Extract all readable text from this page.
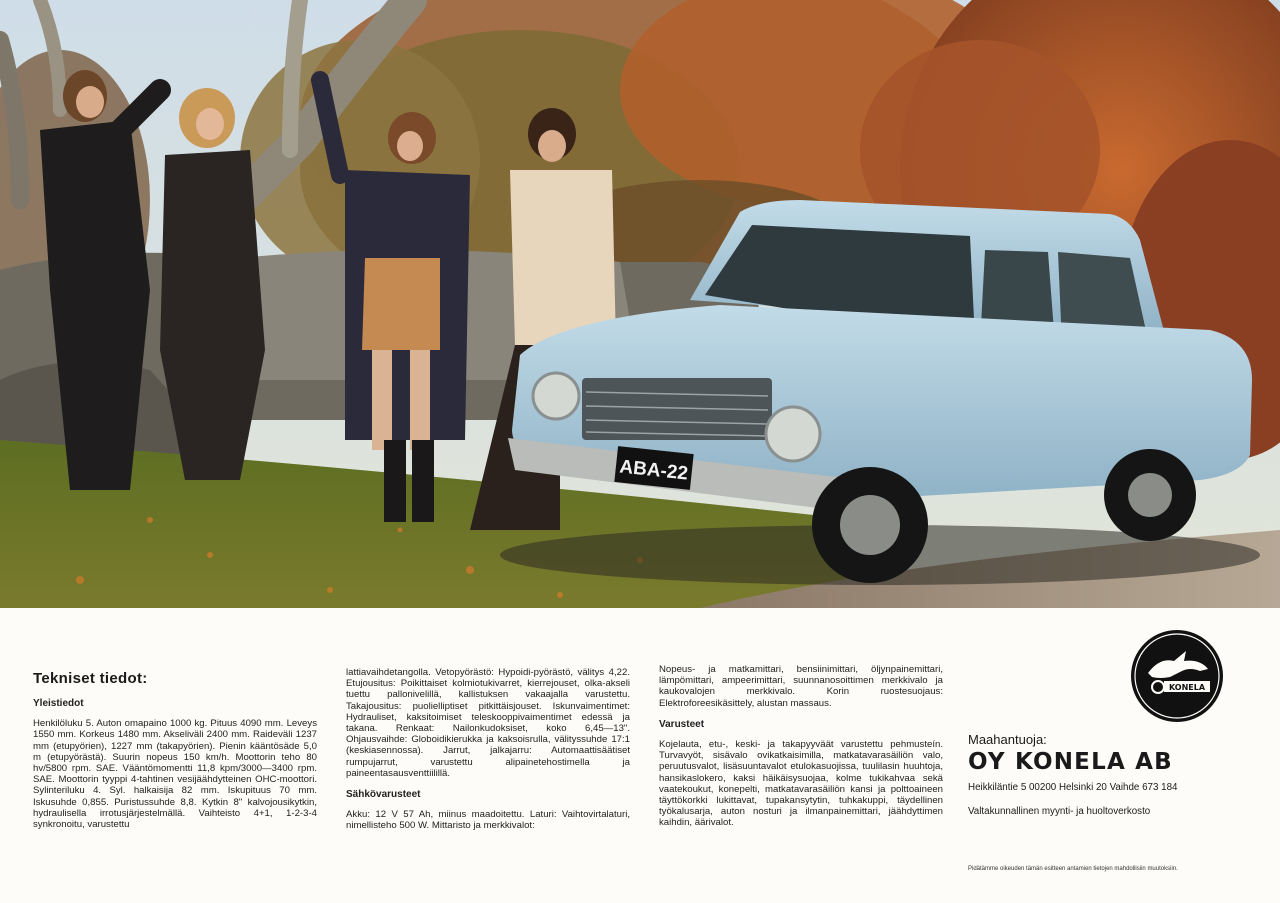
ABA-22
Tekniset tiedot:

Yleistiedot

Henkilöluku 5. Auton omapaino 1000 kg. Pituus 4090 mm. Leveys 1550 mm. Korkeus 1480 mm. Akseliväli 2400 mm. Raideväli 1237 mm (etupyörien), 1227 mm (takapyörien). Pienin kääntösäde 5,0 m (etupyörästä). Suurin nopeus 150 km/h. Moottorin teho 80 hv/5800 rpm. SAE. Vääntömomentti 11,8 kpm/3000—3400 rpm. SAE. Moottorin tyyppi 4-tahtinen vesijäähdytteinen OHC-moottori. Sylinteriluku 4. Syl. halkaisija 82 mm. Iskupituus 70 mm. Iskusuhde 0,855. Puristussuhde 8,8. Kytkin 8" kalvojousikytkin, hydraulisella irrotusjärjestelmällä. Vaihteisto 4+1, 1-2-3-4 synkronoitu, varustettu

lattiavaihdetangolla. Vetopyörästö: Hypoidi-pyörästö, välitys 4,22. Etujousitus: Poikittaiset kolmiotukivarret, kierrejouset, olka-akseli tuettu pallonivelillä, kallistuksen vakaajalla varustettu. Takajousitus: puolielliptiset pitkittäisjouset. Iskunvaimentimet: Hydrauliset, kaksitoimiset teleskooppivaimentimet edessä ja takana. Renkaat: Nailonkudoksiset, koko 6,45—13". Ohjausvaihde: Globoidikierukka ja kaksoisrulla, välityssuhde 17:1 (keskiasennossa). Jarrut, jalkajarru: Automaattisäätiset rumpujarrut, varustettu alipainetehostimella ja paineentasausventtiilillä.

Sähkövarusteet

Akku: 12 V 57 Ah, miinus maadoitettu. Laturi: Vaihtovirtalaturi, nimellisteho 500 W. Mittaristo ja merkkivalot:

Nopeus- ja matkamittari, bensiinimittari, öljynpainemittari, lämpömittari, ampeerimittari, suunnanosoittimen merkkivalo ja kaukovalojen merkkivalo. Korin ruostesuojaus: Elektroforeesikäsittely, alustan massaus.

Varusteet

Kojelauta, etu-, keski- ja takapyyväät varustettu pehmusteín. Turvavyöt, sisävalo ovikatkaisimilla, matkatavarasäiliön valo, peruutusvalot, lisäsuuntavalot etulokasuojissa, tuulilasin huuhtoja, hansikaslokero, kaksi häikäisysuojaa, kolme tukikahvaa sekä vaatekoukut, konepelti, matkatavarasäiliön kansi ja polttoaineen täyttökorkki lukittavat, tupakansytytin, tuhkakuppi, täydellinen työkalusarja, auton nosturi ja ilmanpainemittari, jäähdyttimen kaihdin, äärivalot.

KONELA
Maahantuoja:
OY KONELA AB
Heikkiläntie 5 00200 Helsinki 20 Vaihde 673 184
Valtakunnallinen myynti- ja huoltoverkosto
Pidätämme oikeuden tämän esitteen antamien tietojen mahdollisiin muutoksiin.
